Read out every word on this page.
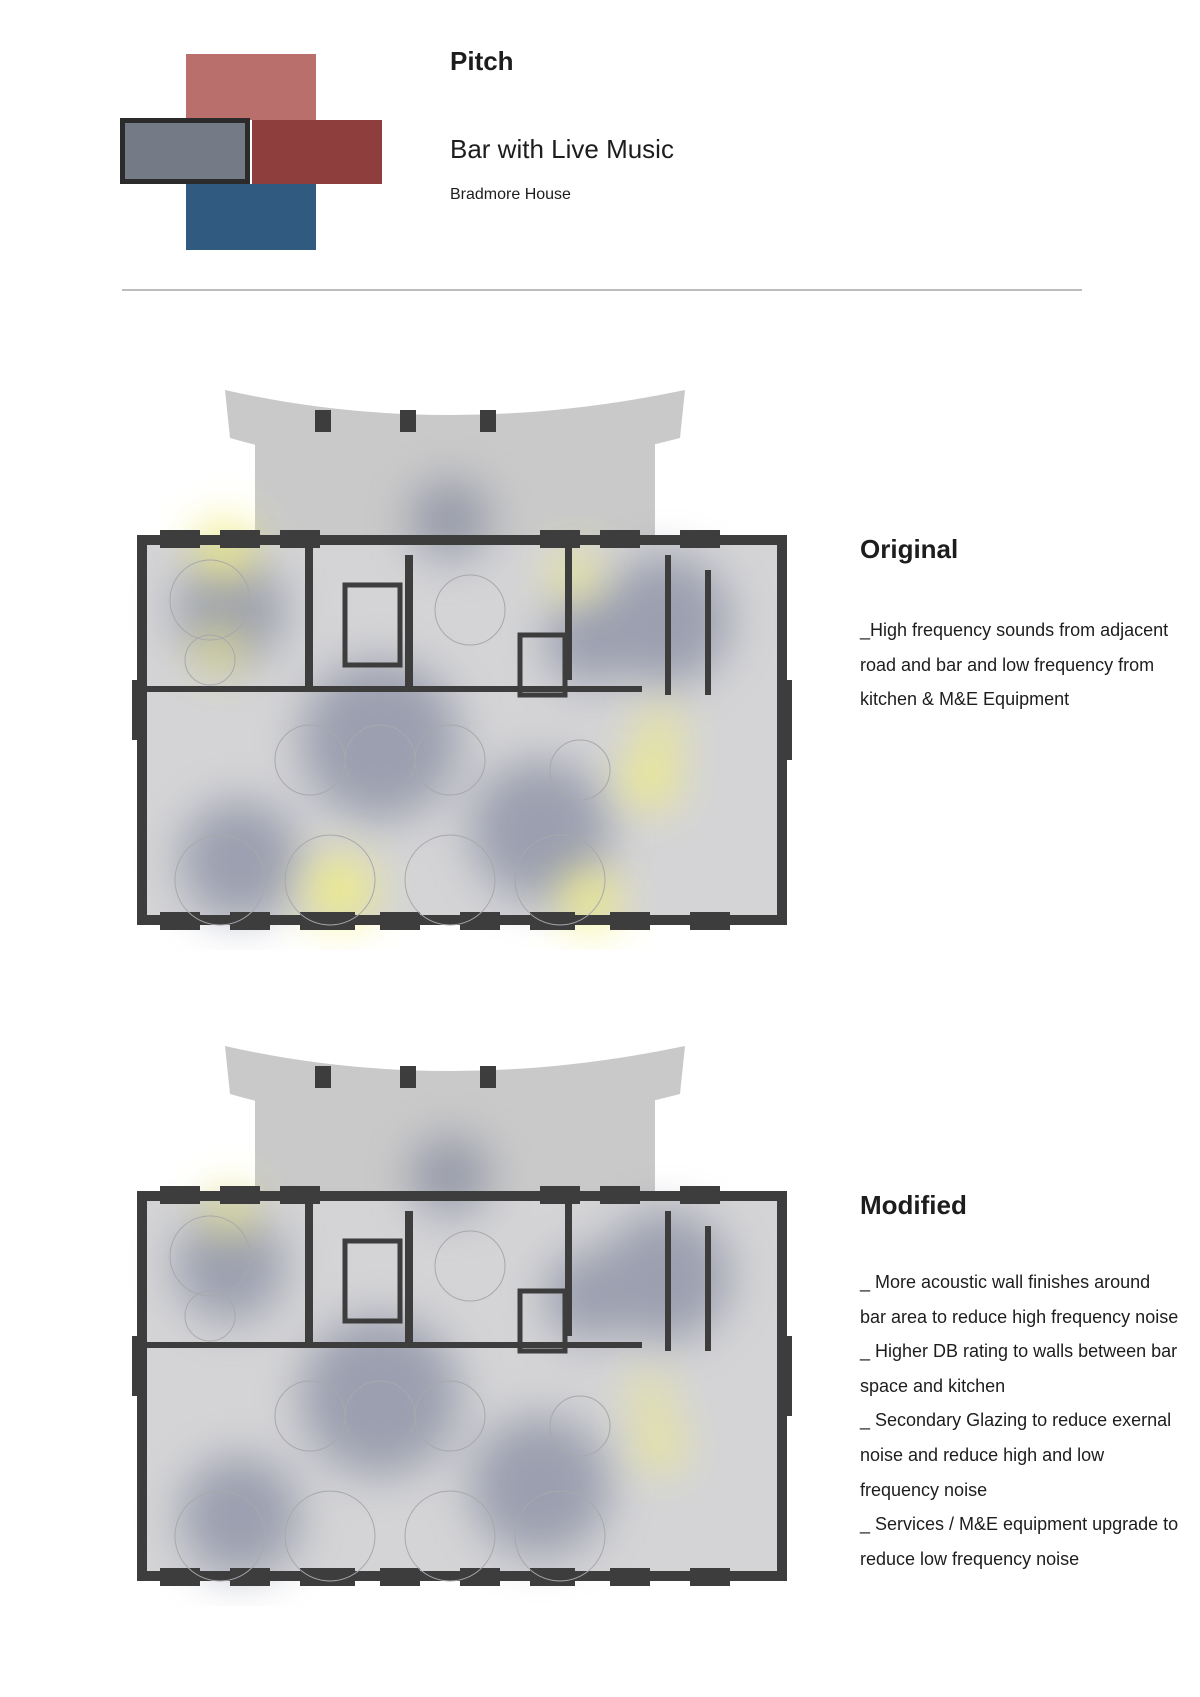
Pitch
Bar with Live Music
Bradmore House
Original

_High frequency sounds from adjacent road and bar and low frequency from kitchen & M&E Equipment

Modified

_ More acoustic wall finishes around bar area to reduce high frequency noise

_ Higher DB rating to walls between bar space and kitchen

_ Secondary Glazing to reduce exernal noise and reduce high and low frequency noise

_ Services / M&E equipment upgrade to reduce low frequency noise
